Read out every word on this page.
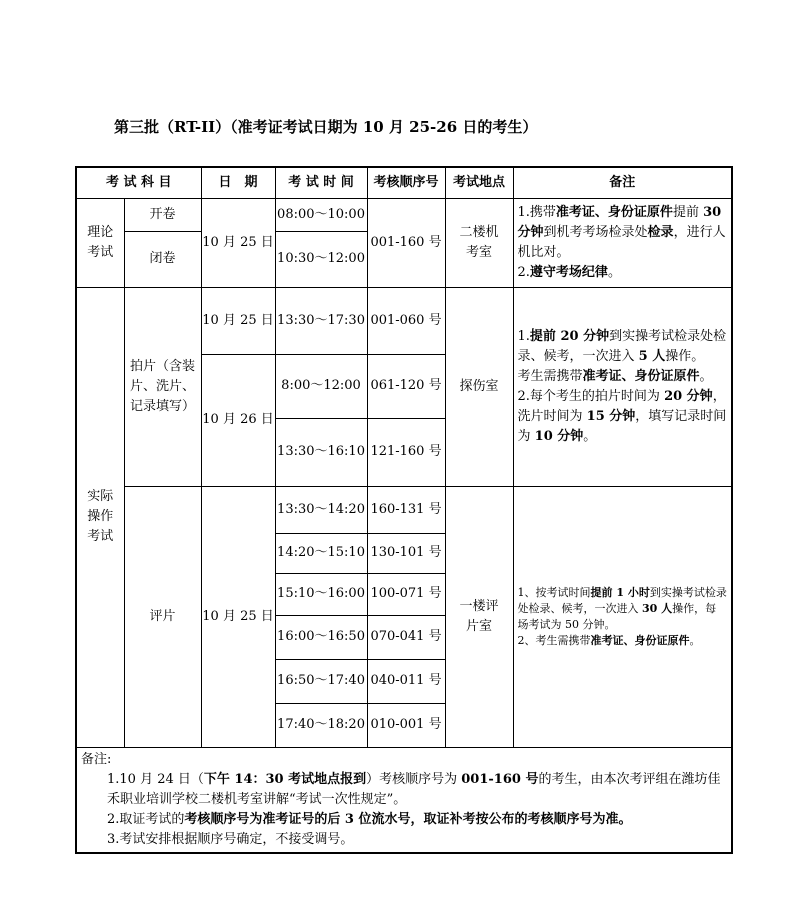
第三批（RT-II）（准考证考试日期为 10 月 25-26 日的考生）
考 试 科 目		日　期	考 试 时 间	考核顺序号	考试地点	备注
理论考试	开卷	10 月 25 日	08:00～10:00	001-160 号	二楼机考室	1.携带准考证、身份证原件提前 30 分钟到机考考场检录处检录，进行人机比对。
2.遵守考场纪律。

	闭卷		10:30～12:00			
实际操作考试	拍片（含装片、洗片、记录填写）	10 月 25 日	13:30～17:30	001-060 号	探伤室	1.提前 20 分钟到实操考试检录处检录、候考，一次进入 5 人操作。
考生需携带准考证、身份证原件。
2.每个考生的拍片时间为 20 分钟，洗片时间为 15 分钟，填写记录时间为 10 分钟。

		10 月 26 日	8:00～12:00	061-120 号		
			13:30～16:10	121-160 号		
	评片	10 月 25 日	13:30～14:20	160-131 号	一楼评片室	1、按考试时间提前 1 小时到实操考试检录处检录、候考，一次进入 30 人操作，每场考试为 50 分钟。
2、考生需携带准考证、身份证原件。

			14:20～15:10	130-101 号		
			15:10～16:00	100-071 号		
			16:00～16:50	070-041 号		
			16:50～17:40	040-011 号		
			17:40～18:20	010-001 号		

备注:
1.10 月 24 日（下午 14：30 考试地点报到）考核顺序号为 001-160 号的考生，由本次考评组在潍坊佳禾职业培训学校二楼机考室讲解“考试一次性规定”。
2.取证考试的考核顺序号为准考证号的后 3 位流水号，取证补考按公布的考核顺序号为准。
3.考试安排根据顺序号确定，不接受调号。						
